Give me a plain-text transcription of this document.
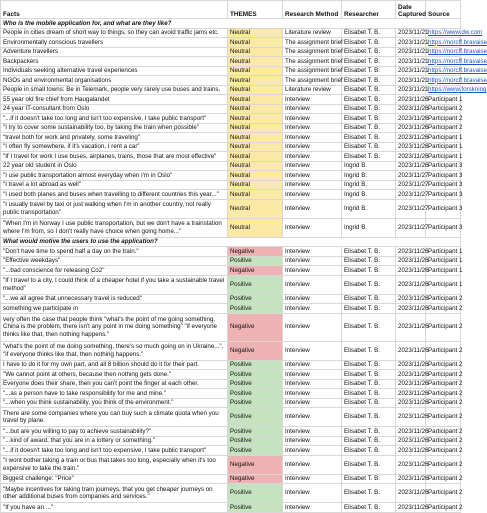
Facts	THEMES	Research Method	Researcher	Date Captured	Source
Who is the mobile application for, and what are they like?					
People in cities dream of short way to things, so they can avoid traffic jams etc.	Neutral	Literature review	Elisabet T. B.	2023/11/21	https://www.dw.com
Environmentally conscious travellers	Neutral	The assignment brief	Elisabet T. B.	2023/11/21	https://norcff.bravaise
Adventure travellers	Neutral	The assignment brief	Elisabet T. B.	2023/11/21	https://norcff.bravaise
Backpackers	Neutral	The assignment brief	Elisabet T. B.	2023/11/21	https://norcff.bravaise
Individuals seeking alternative travel experiences	Neutral	The assignment brief	Elisabet T. B.	2023/11/21	https://norcff.bravaise
NGOs and environmental organisations	Neutral	The assignment brief	Elisabet T. B.	2023/11/21	https://norcff.bravaise
People in small towns: Be in Telemark, people very rarely use buses and trains.	Neutral	Literature review	Elisabet T. B.	2023/11/21	https://www.forskning
55 year old fire chief from Haugalandet	Neutral	Interview	Elisabet T. B.	2023/11/26	Participant 1
24 year IT-consultant from Oslo	Neutral	Interview	Elisabet T. B.	2023/11/26	Participant 2
"...if it doesn't take too long and isn't too expensive, I take public transport"	Neutral	Interview	Elisabet T. B.	2023/11/26	Participant 2
"I try to cover some sustainability too, by taking the train when possible"	Neutral	Interview	Elisabet T. B.	2023/11/26	Participant 2
"travel both for work and privately, some traveling"	Neutral	Interview	Elisabet T. B.	2023/11/26	Participant 1
"I often fly somewhere, if it's vacation, I rent a car"	Neutral	Interview	Elisabet T. B.	2023/11/26	Participant 1
"If I travel for work I use buses, airplanes, trains, those that are most effective"	Neutral	Interview	Elisabet T. B.	2023/11/26	Participant 1
22 year old student in Oslo	Neutral	Interview	Ingrid B.	2023/11/26	Participant 3
"I use public transportation almost everyday when I'm in Oslo"	Neutral	Interview	Ingrid B.	2023/11/27	Participant 3
"I travel a lot abroad as well"	Neutral	Interview	Ingrid B.	2023/11/27	Participant 3
"I used both planes and buses when travelling to different countries this year..."	Neutral	Interview	Ingrid B.	2023/11/27	Participant 3
"I usually travel by taxi or just walking when I'm in another country, not really public transportation"	Neutral	Interview	Ingrid B.	2023/11/27	Participant 3
"When I'm in Norway I use public transportation, but we don't have a trainstation where I'm from, so I don't really have choice when going home..."	Neutral	Interview	Ingrid B.	2023/11/27	Participant 3
What would motive the users to use the application?					
"Don't have time to spend half a day on the train."	Negative	Interview	Elisabet T. B.	2023/11/26	Participant 1
"Effective weekdays"	Positive	Interview	Elisabet T. B.	2023/11/26	Participant 1
"...bad conscience for releasing Co2"	Negative	Interview	Elisabet T. B.	2023/11/26	Participant 1
"If I travel to a city, I could think of a cheaper hotel if you take a sustainable travel method"	Positive	Interview	Elisabet T. B.	2023/11/26	Participant 1
"...we all agree that unnecessary travel is reduced"	Positive	Interview	Elisabet T. B.	2023/11/26	Participant 2
something we participate in	Positive	Interview	Elisabet T. B.	2023/11/26	Participant 2
very often the case that people think "what's the point of me going something. China is the problem, there isn't any point in me doing something" "if everyone thinks like that, then nothing happens."	Negative	Interview	Elisabet T. B.	2023/11/26	Participant 2
"what's the point of me doing something, there's so much going on in Ukraine...", "if everyone thinks like that, then nothing happens."	Negative	Interview	Elisabet T. B.	2023/11/26	Participant 2
I have to do it for my own part, and all 8 billion should do it for their part.	Positive	Interview	Elisabet T. B.	2023/11/26	Participant 2
"We cannot point at others, because then nothing gets done."	Positive	Interview	Elisabet T. B.	2023/11/26	Participant 2
Everyone does their share, then you can't point the finger at each other.	Positive	Interview	Elisabet T. B.	2023/11/26	Participant 2
"...as a person have to take responsibility for me and mine."	Positive	Interview	Elisabet T. B.	2023/11/26	Participant 2
"...when you think sustainability, you think of the environment."	Positive	Interview	Elisabet T. B.	2023/11/26	Participant 2
There are some companies where you can buy such a climate quota when you travel by plane.	Positive	Interview	Elisabet T. B.	2023/11/26	Participant 2
"...but are you willing to pay to achieve sustainability?"	Positive	Interview	Elisabet T. B.	2023/11/26	Participant 2
"...kind of award, that you are in a lottery or something."	Positive	Interview	Elisabet T. B.	2023/11/26	Participant 2
"...if it doesn't take too long and isn't too expensive, I take public transport"	Positive	Interview	Elisabet T. B.	2023/11/26	Participant 2
"I wont bother taking a train or bus that takes too long, especially when it's too expensive to take the train."	Negative	Interview	Elisabet T. B.	2023/11/26	Participant 2
Biggest challenge: "Price"	Negative	Interview	Elisabet T. B.	2023/11/26	Participant 2
"Maybe incentives for taking train journeys, that you get cheaper journeys on other additional buses from companies and services."	Positive	Interview	Elisabet T. B.	2023/11/26	Participant 2
"If you have an ..."	Positive	Interview	Elisabet T. B.	2023/11/26	Participant 2
